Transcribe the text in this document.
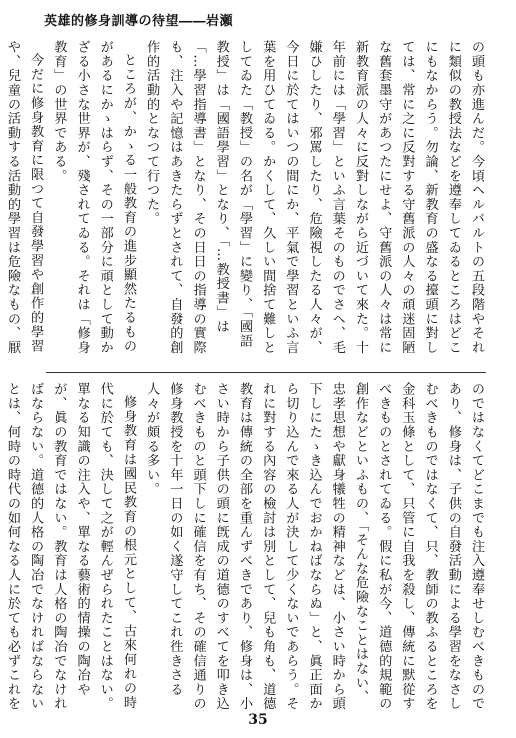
英雄的修身訓導の待望――岩瀬

の頭も亦進んだ。今頃ヘルバルトの五段階やそれに類似の教授法などを遵奉してゐるところはどこにもなからう。勿論、新教育の盛なる擡頭に對しては、常に之に反對する守舊派の人々の頑迷固陋な舊套墨守があつたにせよ、守舊派の人々は常に新教育派の人々に反對しながら近づいて來た。十年前には「學習」といふ言葉そのものでさへ、毛嫌ひしたり、邪罵したり、危險視したる人々が、今日に於てはいつの間にか、平氣で學習といふ言葉を用ひてゐる。かくして、久しい間捨て難しとしてゐた「教授」の名が「學習」に變り、「國語教授」は「國語學習」となり、「…教授書」は「…學習指導書」となり、その日日の指導の實際も、注入や記憶はあきたらずとされて、自發的創作的活動的となつて行つた。

ところが、かゝる一般教育の進步顯然たるものがあるにかゝはらず、その一部分に頑として動かざる小さな世界が、殘されてゐる。それは「修身教育」の世界である。

今だに修身教育に限つて自發學習や創作的學習や、兒童の活動する活動的學習は危險なもの、厭

のではなくてどこまでも注入遵奉せしむべきものであり、修身は、子供の自發活動による學習をなさしむべきものではなくて、只、教師の教ふるところを金科玉條として、只管に自我を殺し、傳統に默從すべきものとされてゐる。假に私が今、道德的規範の創作などといふもの、「そんな危險なことはない、忠孝思想や獻身犧牲の精神などは、小さい時から頭下しにたゝき込んでおかねばならぬ」と、眞正面から切り込んで來る人が決して少くないであらう。それに對する內容の檢討は別として、兒も角も、道德教育は傳統の全部を重んずべきであり、修身は、小さい時から子供の頭に旣成の道德のすべてを叩き込むべきものと頭下しに確信を有ち、その確信通りの修身教授を十年一日の如く遂守してこれ徃きさる人々が頗る多い。

修身教育は國民教育の根元として、古來何れの時代に於ても、決して之が輕んぜられたことはない。單なる知識の注入や、單なる藝術的情操の陶冶やが、眞の教育ではない。教育は人格の陶冶でなければならない。道德的人格の陶冶でなければならないとは、何時の時代の如何なる人に於ても必ずこれを

35
